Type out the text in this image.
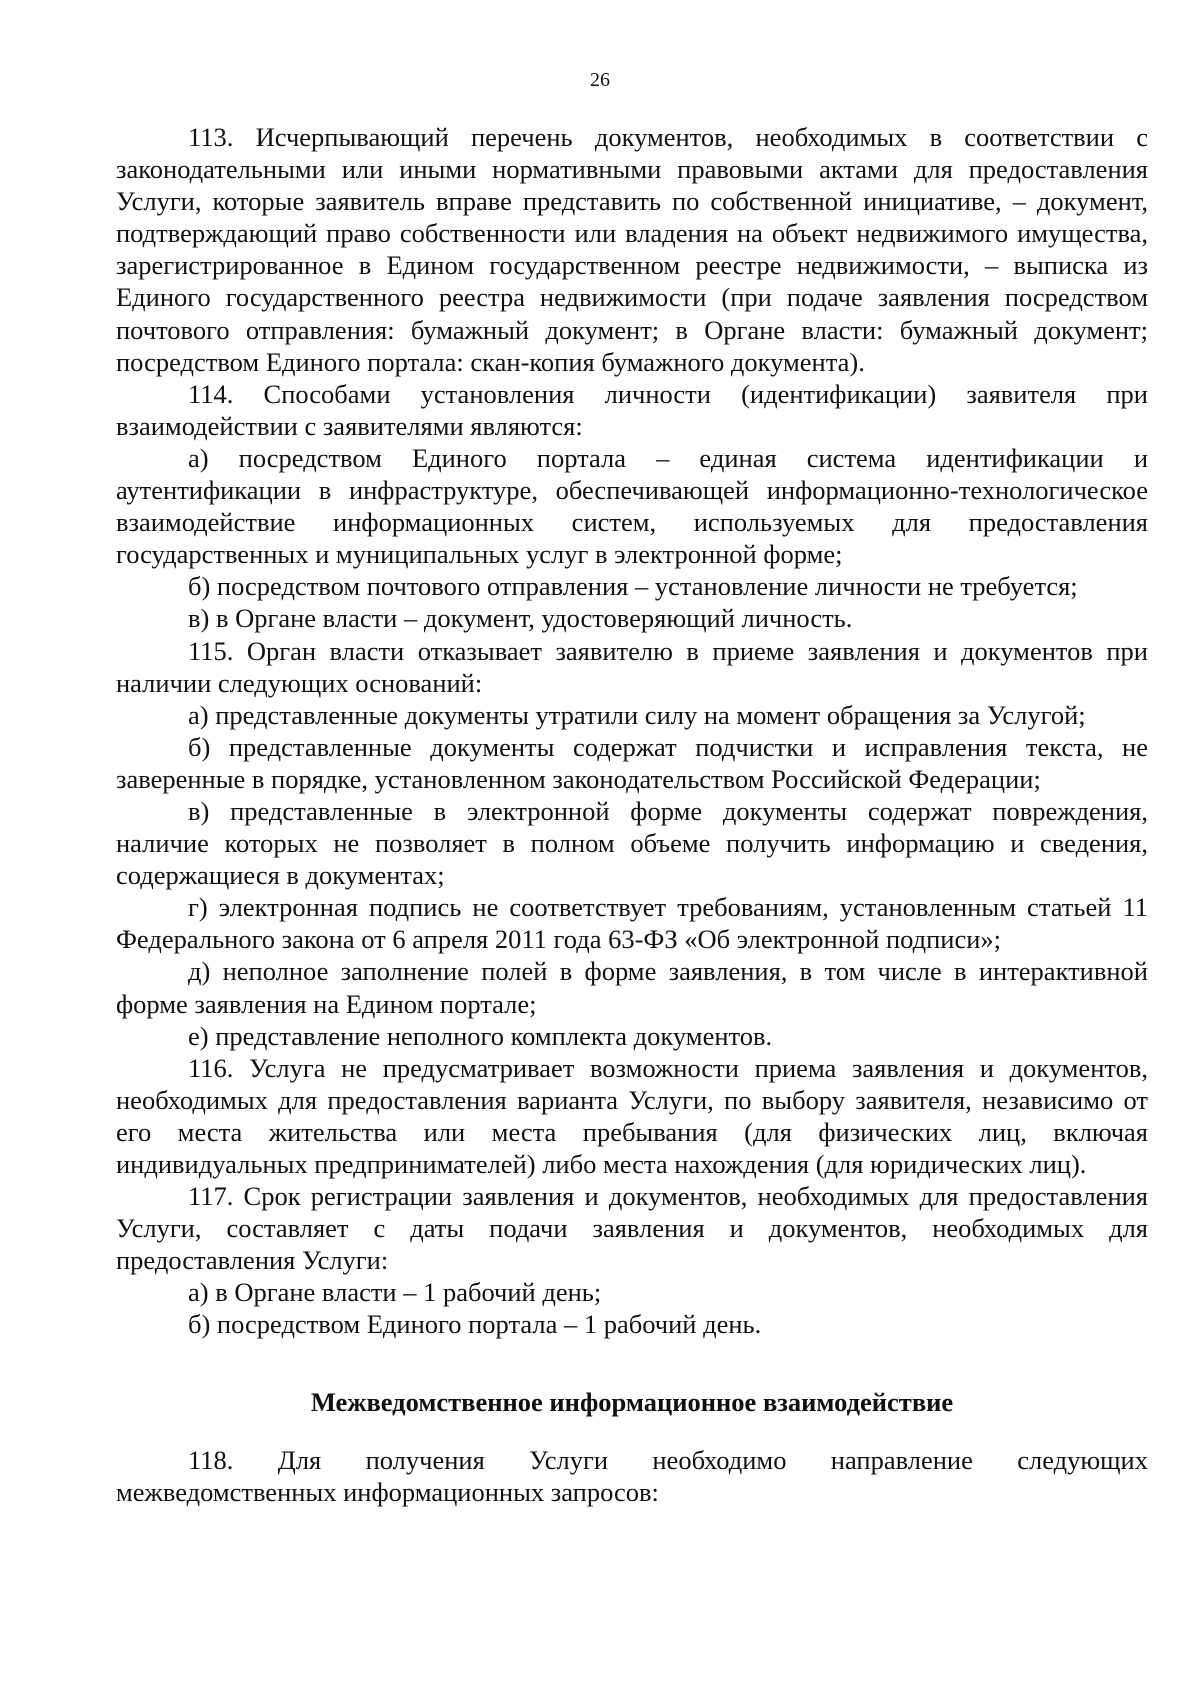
26

113. Исчерпывающий перечень документов, необходимых в соответствии с законодательными или иными нормативными правовыми актами для предоставления Услуги, которые заявитель вправе представить по собственной инициативе, – документ, подтверждающий право собственности или владения на объект недвижимого имущества, зарегистрированное в Едином государственном реестре недвижимости, – выписка из Единого государственного реестра недвижимости (при подаче заявления посредством почтового отправления: бумажный документ; в Органе власти: бумажный документ; посредством Единого портала: скан-копия бумажного документа).

114. Способами установления личности (идентификации) заявителя при взаимодействии с заявителями являются:

а) посредством Единого портала – единая система идентификации и аутентификации в инфраструктуре, обеспечивающей информационно-технологическое взаимодействие информационных систем, используемых для предоставления государственных и муниципальных услуг в электронной форме;

б) посредством почтового отправления – установление личности не требуется;

в) в Органе власти – документ, удостоверяющий личность.

115. Орган власти отказывает заявителю в приеме заявления и документов при наличии следующих оснований:

а) представленные документы утратили силу на момент обращения за Услугой;

б) представленные документы содержат подчистки и исправления текста, не заверенные в порядке, установленном законодательством Российской Федерации;

в) представленные в электронной форме документы содержат повреждения, наличие которых не позволяет в полном объеме получить информацию и сведения, содержащиеся в документах;

г) электронная подпись не соответствует требованиям, установленным статьей 11 Федерального закона от 6 апреля 2011 года 63-ФЗ «Об электронной подписи»;

д) неполное заполнение полей в форме заявления, в том числе в интерактивной форме заявления на Едином портале;

е) представление неполного комплекта документов.

116. Услуга не предусматривает возможности приема заявления и документов, необходимых для предоставления варианта Услуги, по выбору заявителя, независимо от его места жительства или места пребывания (для физических лиц, включая индивидуальных предпринимателей) либо места нахождения (для юридических лиц).

117. Срок регистрации заявления и документов, необходимых для предоставления Услуги, составляет с даты подачи заявления и документов, необходимых для предоставления Услуги:

а) в Органе власти – 1 рабочий день;

б) посредством Единого портала – 1 рабочий день.

Межведомственное информационное взаимодействие

118. Для получения Услуги необходимо направление следующих межведомственных информационных запросов:
